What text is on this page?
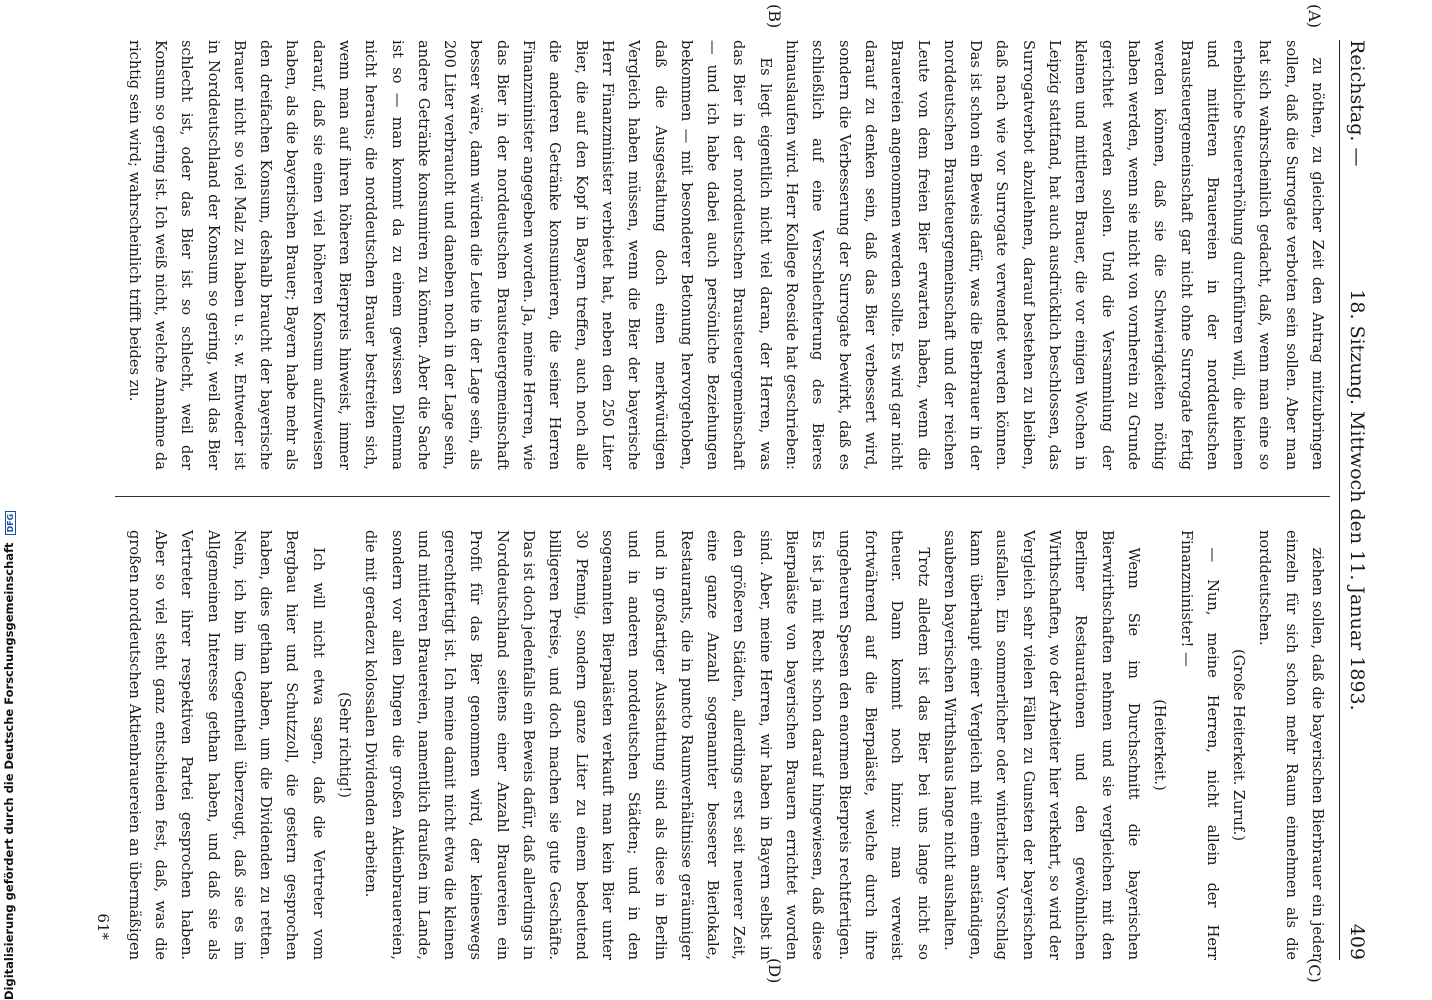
Reichstag. —
18. Sitzung. Mittwoch den 11. Januar 1893.
409
(A)
(B)
(C)
(D)

zu nöthen, zu gleicher Zeit den Antrag mitzubringen sollen, daß die Surrogate verboten sein sollen. Aber man hat sich wahrscheinlich gedacht, daß, wenn man eine so erhebliche Steuererhöhung durchführen will, die kleinen und mittleren Brauereien in der norddeutschen Brausteuergemeinschaft gar nicht ohne Surrogate fertig werden können, daß sie die Schwierigkeiten nöthig haben werden, wenn sie nicht von vornherein zu Grunde gerichtet werden sollen. Und die Versammlung der kleinen und mittleren Brauer, die vor einigen Wochen in Leipzig stattfand, hat auch ausdrücklich beschlossen, das Surrogatverbot abzulehnen, darauf bestehen zu bleiben, daß nach wie vor Surrogate verwendet werden können. Das ist schon ein Beweis dafür, was die Bierbrauer in der norddeutschen Brausteuergemeinschaft und der reichen Leute von dem freien Bier erwarten haben, wenn die Brauereien angenommen werden sollte. Es wird gar nicht darauf zu denken sein, daß das Bier verbessert wird, sondern die Verbesserung der Surrogate bewirkt, daß es schließlich auf eine Verschlechterung des Bieres hinauslaufen wird. Herr Kollege Roeside hat geschrieben:

Es liegt eigentlich nicht viel daran, der Herren, was das Bier in der norddeutschen Brausteuergemeinschaft — und ich habe dabei auch persönliche Beziehungen bekommen — mit besonderer Betonung hervorgehoben, daß die Ausgestaltung doch einen merkwürdigen Vergleich haben müssen, wenn die Bier der bayerische Herr Finanzminister verbietet hat, neben den 250 Liter Bier, die auf den Kopf in Bayern treffen, auch noch alle die anderen Getränke konsumieren, die seiner Herren Finanzminister angegeben worden. Ja, meine Herren, wie das Bier in der norddeutschen Brausteuergemeinschaft besser wäre, dann würden die Leute in der Lage sein, als 200 Liter verbraucht und daneben noch in der Lage sein, andere Getränke konsumiren zu können. Aber die Sache ist so — man kommt da zu einem gewissen Dilemma nicht heraus; die norddeutschen Brauer bestreiten sich, wenn man auf ihren höheren Bierpreis hinweist, immer darauf, daß sie einen viel höheren Konsum aufzuweisen haben, als die bayerischen Brauer; Bayern habe mehr als den dreifachen Konsum, deshalb braucht der bayerische Brauer nicht so viel Malz zu haben u. s. w. Entweder ist in Norddeutschland der Konsum so gering, weil das Bier schlecht ist, oder das Bier ist so schlecht, weil der Konsum so gering ist. Ich weiß nicht, welche Annahme da richtig sein wird; wahrscheinlich trifft beides zu.

ziehen sollen, daß die bayerischen Bierbrauer ein jeder einzeln für sich schon mehr Raum einnehmen als die norddeutschen.

(Große Heiterkeit. Zuruf.)

— Nun, meine Herren, nicht allein der Herr Finanzminister! —

(Heiterkeit.)

Wenn Sie im Durchschnitt die bayerischen Bierwirthschaften nehmen und sie vergleichen mit den Berliner Restaurationen und den gewöhnlichen Wirthschaften, wo der Arbeiter hier verkehrt, so wird der Vergleich sehr vielen Fällen zu Gunsten der bayerischen ausfallen. Ein sommerlicher oder winterlicher Vorschlag kann überhaupt einer Vergleich mit einem anständigen, sauberen bayerischen Wirthshaus lange nicht aushalten.

Trotz alledem ist das Bier bei uns lange nicht so theuer. Dann kommt noch hinzu: man verweist fortwährend auf die Bierpaläste, welche durch ihre ungeheuren Spesen den enormen Bierpreis rechtfertigen. Es ist ja mit Recht schon darauf hingewiesen, daß diese Bierpaläste von bayerischen Brauern errichtet worden sind. Aber, meine Herren, wir haben in Bayern selbst in den größeren Städten, allerdings erst seit neuerer Zeit, eine ganze Anzahl sogenannter besserer Bierlokale, Restaurants, die in puncto Raumverhältnisse geräumiger und in großartiger Ausstattung sind als diese in Berlin und in anderen norddeutschen Städten; und in den sogenannten Bierpalästen verkauft man kein Bier unter 30 Pfennig, sondern ganze Liter zu einem bedeutend billigeren Preise, und doch machen sie gute Geschäfte. Das ist doch jedenfalls ein Beweis dafür, daß allerdings in Norddeutschland seitens einer Anzahl Brauereien ein Profit für das Bier genommen wird, der keineswegs gerechtfertigt ist. Ich meine damit nicht etwa die kleinen und mittleren Brauereien, namentlich draußen im Lande, sondern vor allen Dingen die großen Aktienbrauereien, die mit geradezu kolossalen Dividenden arbeiten.

(Sehr richtig!)

Ich will nicht etwa sagen, daß die Vertreter vom Bergbau hier und Schutzzoll, die gestern gesprochen haben, dies gethan haben, um die Dividenden zu retten. Nein, ich bin im Gegentheil überzeugt, daß sie es im Allgemeinen Interesse gethan haben, und daß sie als Vertreter ihrer respektiven Partei gesprochen haben. Aber so viel steht ganz entschieden fest, daß, was die großen norddeutschen Aktienbrauereien an übermäßigen

61*
Digitalisierung gefördert durch die Deutsche Forschungsgemeinschaft DFG
